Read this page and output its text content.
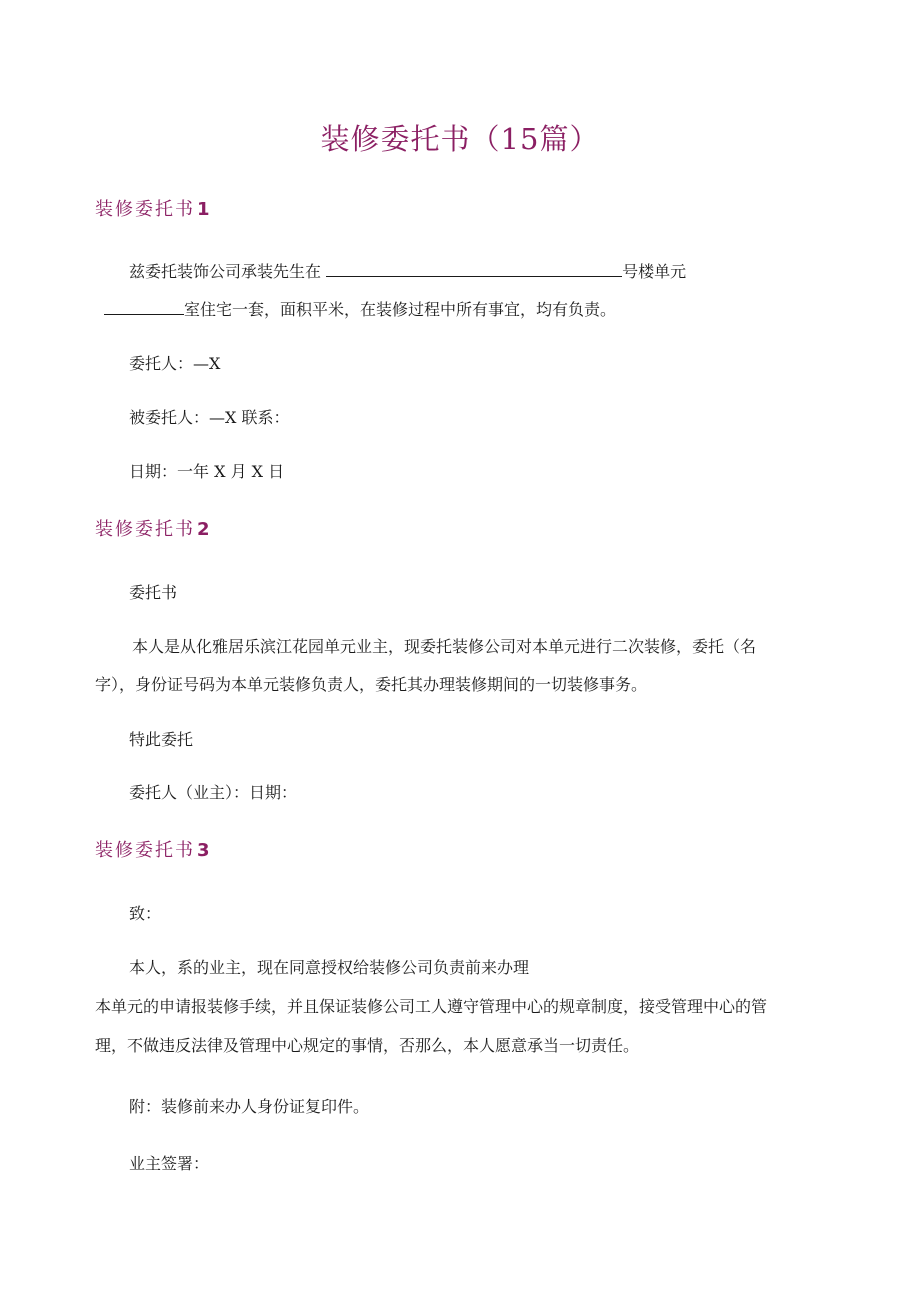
装修委托书（15篇）
装修委托书 1
兹委托装饰公司承装先生在	号楼单元
室住宅一套，面积平米，在装修过程中所有事宜，均有负责。
委托人：—X
被委托人：—X 联系：
日期：一年 X 月 X 日
装修委托书 2
委托书
本人是从化雅居乐滨江花园单元业主，现委托装修公司对本单元进行二次装修，委托（名
字），身份证号码为本单元装修负责人，委托其办理装修期间的一切装修事务。
特此委托
委托人（业主）：日期：
装修委托书 3
致：
本人，系的业主，现在同意授权给装修公司负责前来办理
本单元的申请报装修手续，并且保证装修公司工人遵守管理中心的规章制度，接受管理中心的管
理，不做违反法律及管理中心规定的事情，否那么，本人愿意承当一切责任。
附：装修前来办人身份证复印件。
业主签署：
